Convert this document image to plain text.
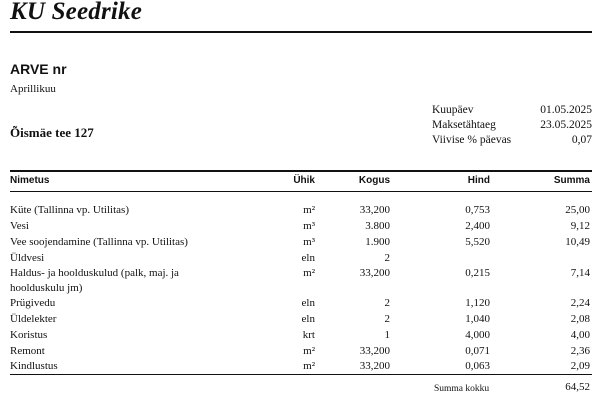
KU Seedrike
ARVE nr
Aprillikuu
Õismäe tee 127
Kuupäev	01.05.2025
Maksetähtaeg	23.05.2025
Viivise % päevas	0,07
Nimetus	Ühik	Kogus	Hind	Summa
Küte (Tallinna vp. Utilitas)	m²	33,200	0,753	25,00
Vesi	m³	3.800	2,400	9,12
Vee soojendamine (Tallinna vp. Utilitas)	m³	1.900	5,520	10,49
Üldvesi	eln	2
Haldus- ja hoolduskulud (palk, maj. ja hoolduskulu jm)
m²	33,200	0,215	7,14
Prügivedu	eln	2	1,120	2,24
Üldelekter	eln	2	1,040	2,08
Koristus	krt	1	4,000	4,00
Remont	m²	33,200	0,071	2,36
Kindlustus	m²	33,200	0,063	2,09
Summa kokku	64,52
